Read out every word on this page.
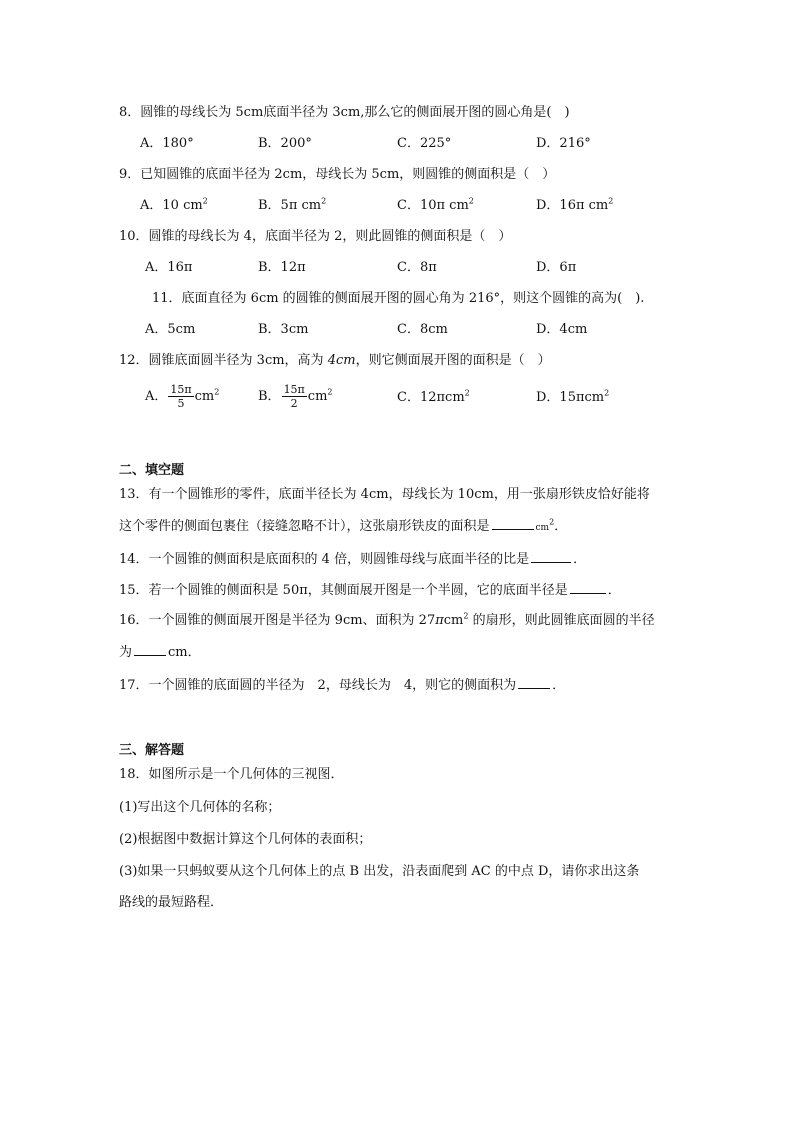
8．圆锥的母线长为 5cm底面半径为 3cm,那么它的侧面展开图的圆心角是(　)
A．180°	B．200°	C．225°	D．216°
9．已知圆锥的底面半径为 2cm，母线长为 5cm，则圆锥的侧面积是（　）
A．10 $cm^2$	B．5π $cm^2$	C．10π $cm^2$	D．16π $cm^2$
10．圆锥的母线长为 4，底面半径为 2，则此圆锥的侧面积是（　）
A．16π	B．12π	C．8π	D．6π
11．底面直径为 6cm 的圆锥的侧面展开图的圆心角为 216°，则这个圆锥的高为(　).
A．5cm	B．3cm	C．8cm	D．4cm
12．圆锥底面圆半径为 3cm，高为 4cm，则它侧面展开图的面积是（　）
A． $\frac{15\pi}{5} cm^2$	B． $\frac{15\pi}{2} cm^2$	C．12πcm$^2$	D．15πcm$^2$
二、填空题
13．有一个圆锥形的零件，底面半径长为 4cm，母线长为 10cm，用一张扇形铁皮恰好能将
这个零件的侧面包裹住（接缝忽略不计），这张扇形铁皮的面积是	$cm^2$．
14．一个圆锥的侧面积是底面积的 4 倍，则圆锥母线与底面半径的比是	．
15．若一个圆锥的侧面积是 50π，其侧面展开图是一个半圆，它的底面半径是	．
16．一个圆锥的侧面展开图是半径为 9cm、面积为 27πcm$^2$ 的扇形，则此圆锥底面圆的半径
为	cm．
17．一个圆锥的底面圆的半径为　2，母线长为　4，则它的侧面积为	．
三、解答题
18．如图所示是一个几何体的三视图．
(1)写出这个几何体的名称；
(2)根据图中数据计算这个几何体的表面积；
(3)如果一只蚂蚁要从这个几何体上的点 B 出发，沿表面爬到 AC 的中点 D，请你求出这条
路线的最短路程．
